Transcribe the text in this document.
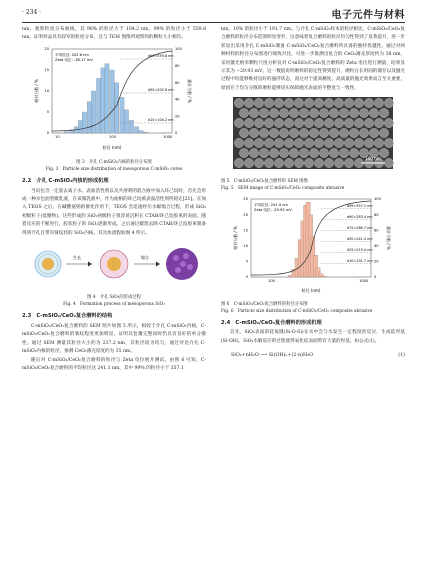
· 234 ·	电子元件与材料

nm，观察粒度分布曲线，其 90% 的粒径大于 104.2 nm，99% 的粒径小于 559.8 nm，证明样品具有较窄的粒度分布，且与 TEM 图像所观察到的颗粒大小相符。

平均粒径: 202.6 nm
Zeta 电位: -38.17 mV
d99=559.8 nm
d50=202.6 nm
d10=104.2 nm
0
5
10
15
20
0
20
40
60
80
100
10	100	1000
相对分数 / %	累计分数 / %
粒径 (nm)
图 3　介孔 C-mSiO₂内核的粒径分布图
Fig. 3　Particle size distribution of mesoporous C-mSiO₂ cores
2.2　介孔 C-mSiO₂内核的形成机理

当向包含一定量去离子水、表面活性剂以及共溶剂的混合液中加入环己烷时，首先会形成一种水包油型微乳液，在该微乳液中，作为油相的环己烷被表面活性剂所稳定[21]。在加入 TEOS 之后，在碱酸氨钠的催化作用下，TEOS 会迅速经历水解缩合过程，形成 SiO₂初级粒子(低聚物)。这些形成的 SiO₂初级粒子很容易沉积在 CTAB/环己烷胶束的表面。随着反应的不断进行，胶状粒子的 SiO₂逐渐形成。之后通过碳烧去除 CTAB/环己烷胶束制备得到介孔且带有皱纹状的 SiO₂内核。其具体流程如图 4 所示。

生长	缩合
图 4　介孔 SiO₂的形成过程
Fig. 4　Formation process of mesoporous SiO₂
2.3　C-mSiO₂/CeO₂复合磨料的结构

C-mSiO₂/CeO₂复合磨料的 SEM 照片如图 5 所示，相较于介孔 C-mSiO₂内核，C-mSiO₂/CeO₂复合磨料的皱纹程度更加明显，证明其包覆完整同时仍具有良好的单分散性。通过 SEM 测量其粒径大小约为 237.2 nm，其粒径较为均匀，通过对比介孔 C-mSiO₂内核的粒径，推测 CeO₂薄壳厚度约为 35 nm。

随后对 C-mSiO₂/CeO₂复合磨料的粒径与 Zeta 电位展开测试。由图 6 可知，C-mSiO₂/CeO₂复合磨料的平均粒径达 241.1 nm，其中 99% 的粒径小于 357.1

nm，10% 的粒径小于 191.7 nm。与介孔 C-mSiO₂样本的粒径相比，C-mSiO₂/CeO₂复合磨料的粒径分布范围明显变窄，这意味着复合磨料的粒径均匀性得到了显著提升，进一步彰显出采用介孔 C-mSiO₂制备 C-mSiO₂/CeO₂复合磨料所具备的独特优越性。通过对两种材料的粒径分布图进行细致对比，可进一步推测出复合的 CeO₂薄壳厚度约为 38 nm，采用激光纳米颗粒尺度分析仪对 C-mSiO₂/CeO₂复合磨料的 Zeta 电位进行测量，结果显示其为 −29.93 mV。这一数值说明磨料的稳定性得到提升，磨粒在长时间的储存以及抛光过程中均能够维持良好的悬浮状态，而这对于提高精度、高质量的抛光效果而言至关重要，原因在于均匀分散的磨粒能够切实保障抛光表面的平整度与一致性。

100 nm
图 5　C-mSiO₂/CeO₂复合磨料的 SEM 图像
Fig. 5　SEM image of C-mSiO₂/CeO₂ composite abrasive
平均粒径: 241.4 nm
Zeta 电位: -29.93 mV
d99=357.1 nm
d90=283.4 nm
d75=266.7 nm
d50=241.4 nm
d25=215.4 nm
d10=191.7 nm
0
5
10
15
20
25
0
20
40
60
80
100
100	1000
相对分数 / %	累计分数 / %
粒径 (nm)
图 6　C-mSiO₂/CeO₂复合磨料的粒径分布图
Fig. 6　Particle size distribution of C-mSiO₂/CeO₂ composite abrasive
2.4　C-mSiO₂/CeO₂复合磨料的形成机理

首先，SiO₂表面的硅氧键(Si-O-Si)在水中会与水发生一定程度的反应，生成硅羟基(Si-OH)。SiO₂水解反应的过程使得氧化硅表面带有大量的羟基，如公式(1)。

SiO₂+nH₂O ⟶ Si(OH)ₙ+(2-n)H₂O	(1)
